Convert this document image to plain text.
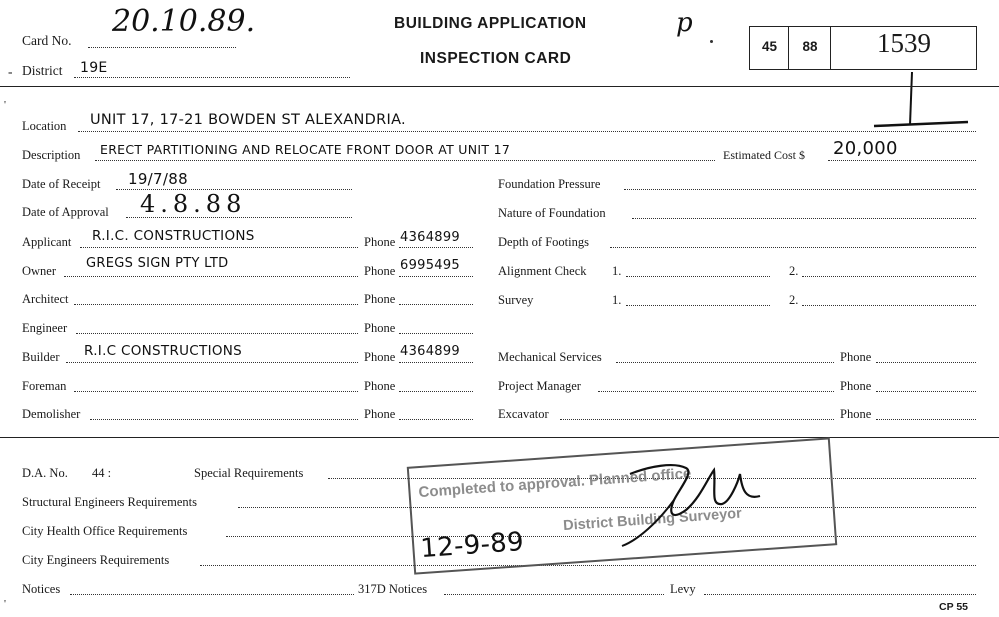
Card No.
20.10.89.
- District 19E
BUILDING APPLICATION
INSPECTION CARD
p
45	88	1539
'
Location UNIT 17, 17-21 BOWDEN ST ALEXANDRIA.
Description ERECT PARTITIONING AND RELOCATE FRONT DOOR AT UNIT 17	Estimated Cost $ 20,000
Date of Receipt 19/7/88
Date of Approval 4.8.88
Applicant R.I.C. CONSTRUCTIONS	Phone 4364899
Owner GREGS SIGN PTY LTD	Phone 6995495
Architect	Phone
Engineer	Phone
Builder R.I.C CONSTRUCTIONS	Phone 4364899
Foreman	Phone
Demolisher	Phone
Foundation Pressure
Nature of Foundation
Depth of Footings
Alignment Check 1.	2.
Survey	1.	2.
Mechanical Services	Phone
Project Manager	Phone
Excavator	Phone
D.A. No. 44 :	Special Requirements
Structural Engineers Requirements
City Health Office Requirements
City Engineers Requirements
Notices	317D Notices	Levy
CP 55
'
Completed to approval. Planned office
District Building Surveyor
12-9-89
